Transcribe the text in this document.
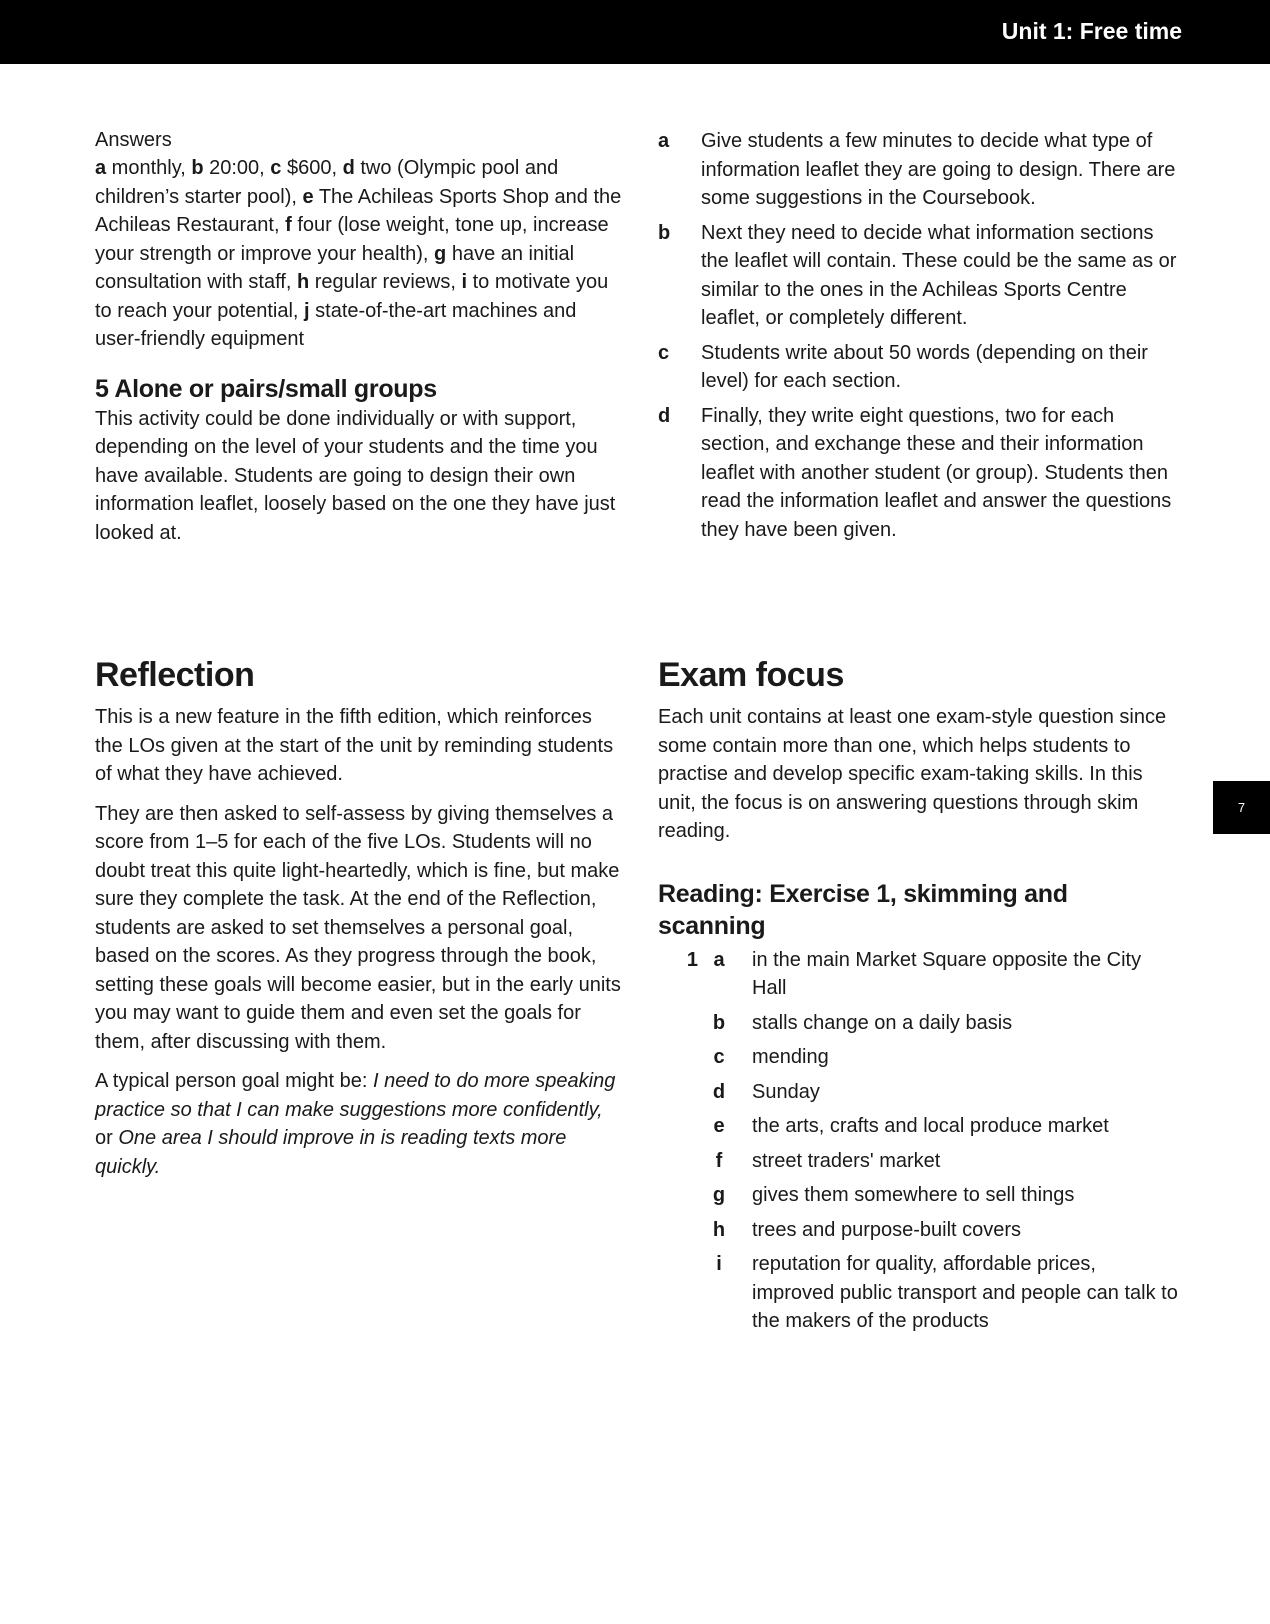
Unit 1: Free time
Answers

a monthly, b 20:00, c $600, d two (Olympic pool and children’s starter pool), e The Achileas Sports Shop and the Achileas Restaurant, f four (lose weight, tone up, increase your strength or improve your health), g have an initial consultation with staff, h regular reviews, i to motivate you to reach your potential, j state-of-the-art machines and user-friendly equipment

5 Alone or pairs/small groups

This activity could be done individually or with support, depending on the level of your students and the time you have available. Students are going to design their own information leaflet, loosely based on the one they have just looked at.

a	Give students a few minutes to decide what type of information leaflet they are going to design. There are some suggestions in the Coursebook.
b	Next they need to decide what information sections the leaflet will contain. These could be the same as or similar to the ones in the Achileas Sports Centre leaflet, or completely different.
c	Students write about 50 words (depending on their level) for each section.
d	Finally, they write eight questions, two for each section, and exchange these and their information leaflet with another student (or group). Students then read the information leaflet and answer the questions they have been given.
Reflection

This is a new feature in the fifth edition, which reinforces the LOs given at the start of the unit by reminding students of what they have achieved.

They are then asked to self-assess by giving themselves a score from 1–5 for each of the five LOs. Students will no doubt treat this quite light-heartedly, which is fine, but make sure they complete the task. At the end of the Reflection, students are asked to set themselves a personal goal, based on the scores. As they progress through the book, setting these goals will become easier, but in the early units you may want to guide them and even set the goals for them, after discussing with them.

A typical person goal might be: I need to do more speaking practice so that I can make suggestions more confidently, or One area I should improve in is reading texts more quickly.

Exam focus

Each unit contains at least one exam-style question since some contain more than one, which helps students to practise and develop specific exam-taking skills. In this unit, the focus is on answering questions through skim reading.

Reading: Exercise 1, skimming and scanning
1 a	in the main Market Square opposite the City Hall
b	stalls change on a daily basis
c	mending
d	Sunday
e	the arts, crafts and local produce market
f	street traders' market
g	gives them somewhere to sell things
h	trees and purpose-built covers
i	reputation for quality, affordable prices, improved public transport and people can talk to the makers of the products
7
